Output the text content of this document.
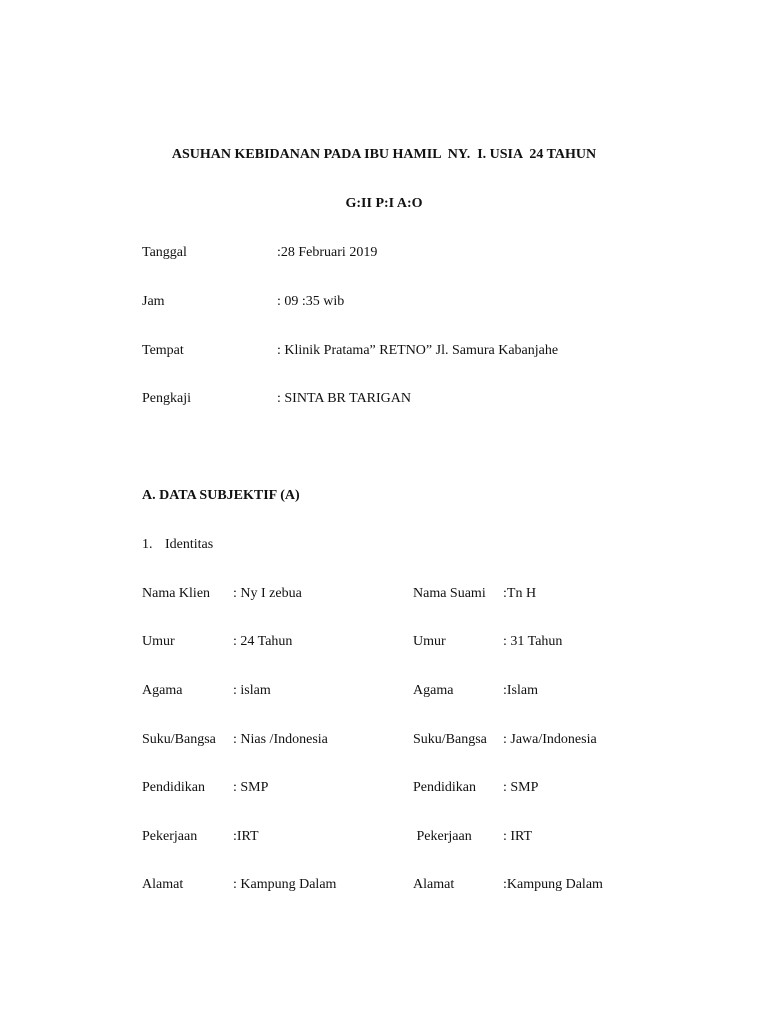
ASUHAN KEBIDANAN PADA IBU HAMIL  NY.  I. USIA  24 TAHUN
G:II P:I A:O
Tanggal	:28 Februari 2019
Jam	: 09 :35 wib
Tempat	: Klinik Pratama” RETNO” Jl. Samura Kabanjahe
Pengkaji	: SINTA BR TARIGAN
A. DATA SUBJEKTIF (A)
1. Identitas
Nama Klien : Ny I zebua	Nama Suami :Tn H
Umur	: 24 Tahun	Umur	: 31 Tahun
Agama	: islam	Agama	:Islam
Suku/Bangsa : Nias /Indonesia	Suku/Bangsa : Jawa/Indonesia
Pendidikan : SMP	Pendidikan : SMP
Pekerjaan	:IRT	Pekerjaan : IRT
Alamat	: Kampung Dalam	Alamat	:Kampung Dalam
